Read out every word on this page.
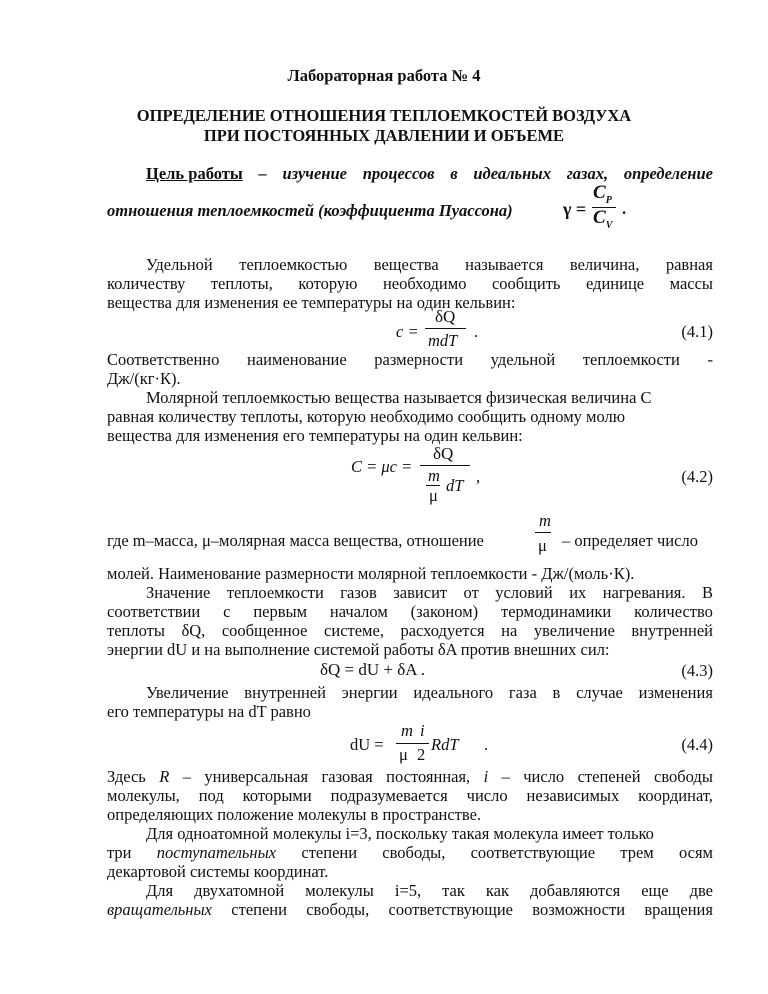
Лабораторная работа № 4
ОПРЕДЕЛЕНИЕ ОТНОШЕНИЯ ТЕПЛОЕМКОСТЕЙ ВОЗДУХА
ПРИ ПОСТОЯННЫХ ДАВЛЕНИИ И ОБЪЕМЕ
Цель работы – изучение процессов в идеальных газах, определение
отношения теплоемкостей (коэффициента Пуассона)	γ =
$C_P$
$C_V$
.
Удельной теплоемкостью вещества называется величина, равная
количеству теплоты, которую необходимо сообщить единице массы
вещества для изменения ее температуры на один кельвин:
c =
δQ
mdT .	(4.1)
Соответственно наименование размерности удельной теплоемкости -
Дж/(кг·К).
Молярной теплоемкостью вещества называется физическая величина C
равная количеству теплоты, которую необходимо сообщить одному молю
вещества для изменения его температуры на один кельвин:
C = μc =
δQ
m
μ
dT ,	(4.2)
где m–масса, μ–молярная масса вещества, отношение
m
μ – определяет число
молей. Наименование размерности молярной теплоемкости - Дж/(моль·К).
Значение теплоемкости газов зависит от условий их нагревания. В
соответствии с первым началом (законом) термодинамики количество
теплоты δQ, сообщенное системе, расходуется на увеличение внутренней
энергии dU и на выполнение системой работы δA против внешних сил:
δQ = dU + δA .	(4.3)
Увеличение внутренней энергии идеального газа в случае изменения
его температуры на dT равно
dU =
m i
μ 2
RdT .	(4.4)
Здесь R – универсальная газовая постоянная, i – число степеней свободы
молекулы, под которыми подразумевается число независимых координат,
определяющих положение молекулы в пространстве.
Для одноатомной молекулы i=3, поскольку такая молекула имеет только
три поступательных степени свободы, соответствующие трем осям
декартовой системы координат.
Для двухатомной молекулы i=5, так как добавляются еще две
вращательных степени свободы, соответствующие возможности вращения
